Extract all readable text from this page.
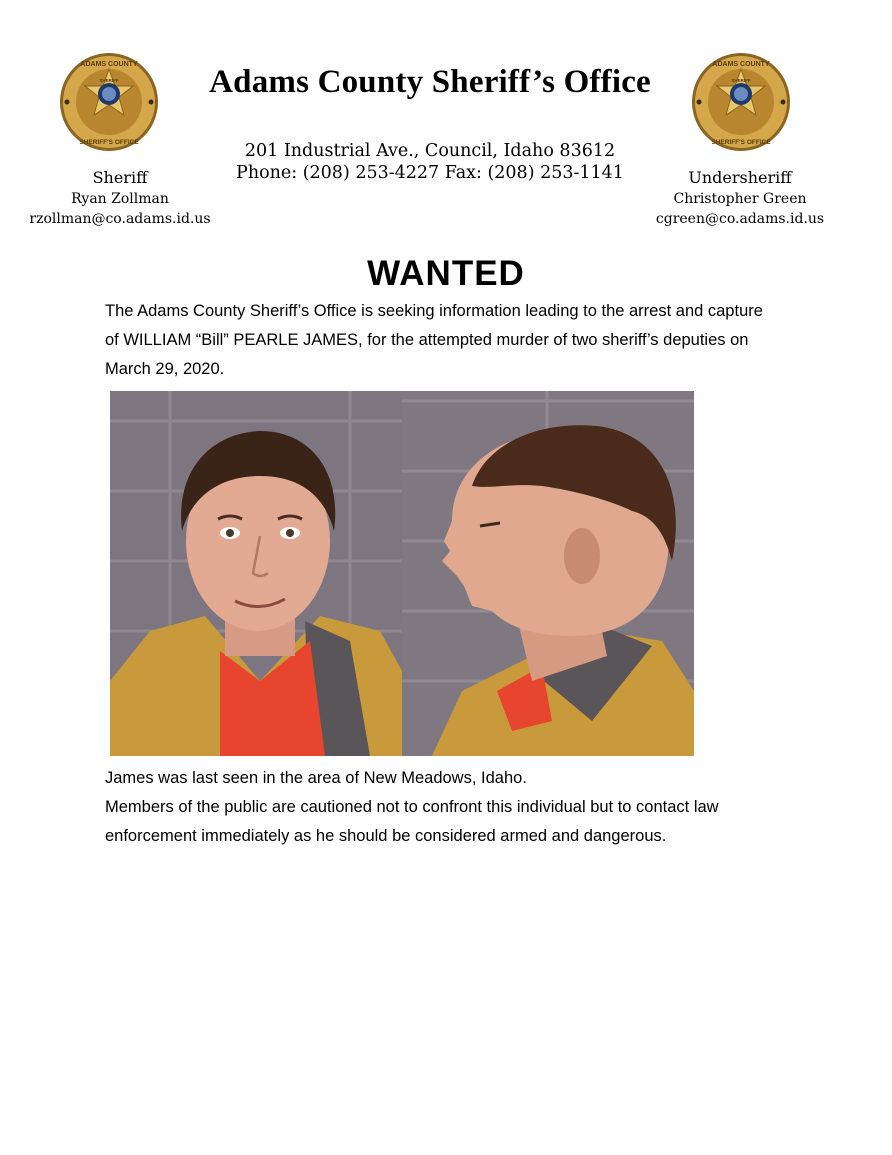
ADAMS COUNTY
SHERIFF'S OFFICE
SHERIFF
ADAMS COUNTY
SHERIFF'S OFFICE
SHERIFF
Adams County Sheriff’s Office
201 Industrial Ave., Council, Idaho 83612
Phone: (208) 253-4227 Fax: (208) 253-1141
Sheriff
Ryan Zollman
rzollman@co.adams.id.us
Undersheriff
Christopher Green
cgreen@co.adams.id.us
WANTED
The Adams County Sheriff’s Office is seeking information leading to the arrest and capture
of WILLIAM “Bill” PEARLE JAMES, for the attempted murder of two sheriff’s deputies on
March 29, 2020.
James was last seen in the area of New Meadows, Idaho.
Members of the public are cautioned not to confront this individual but to contact law
enforcement immediately as he should be considered armed and dangerous.
